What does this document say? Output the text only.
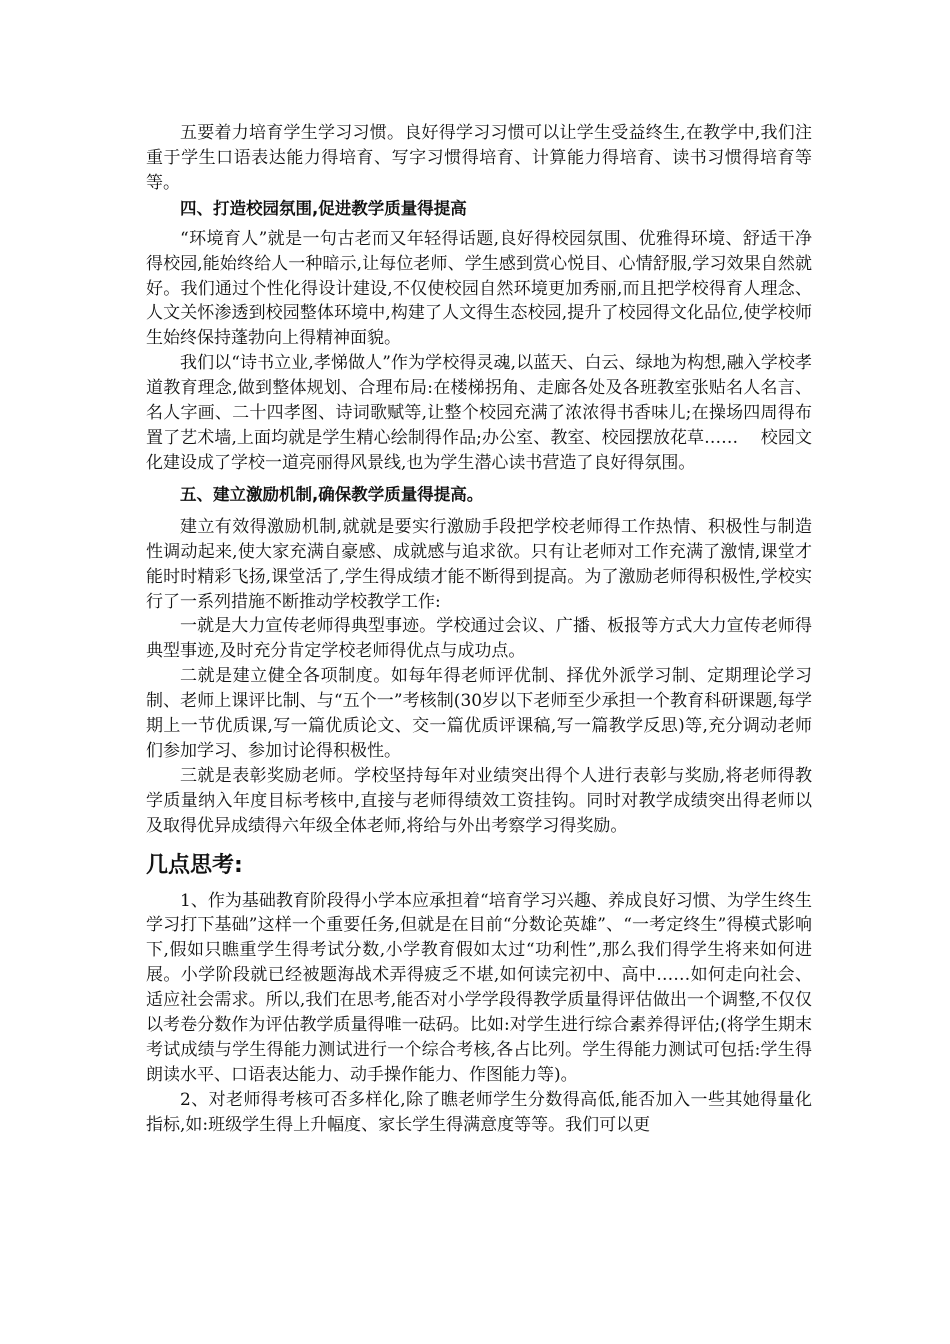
五要着力培育学生学习习惯。良好得学习习惯可以让学生受益终生,在教学中,我们注重于学生口语表达能力得培育、写字习惯得培育、计算能力得培育、读书习惯得培育等等。

四、打造校园氛围,促进教学质量得提高

“环境育人”就是一句古老而又年轻得话题,良好得校园氛围、优雅得环境、舒适干净得校园,能始终给人一种暗示,让每位老师、学生感到赏心悦目、心情舒服,学习效果自然就好。我们通过个性化得设计建设,不仅使校园自然环境更加秀丽,而且把学校得育人理念、人文关怀渗透到校园整体环境中,构建了人文得生态校园,提升了校园得文化品位,使学校师生始终保持蓬勃向上得精神面貌。

我们以“诗书立业,孝悌做人”作为学校得灵魂,以蓝天、白云、绿地为构想,融入学校孝道教育理念,做到整体规划、合理布局:在楼梯拐角、走廊各处及各班教室张贴名人名言、名人字画、二十四孝图、诗词歌赋等,让整个校园充满了浓浓得书香味儿;在操场四周得布置了艺术墙,上面均就是学生精心绘制得作品;办公室、教室、校园摆放花草……　 校园文化建设成了学校一道亮丽得风景线,也为学生潜心读书营造了良好得氛围。

五、建立激励机制,确保教学质量得提高。

建立有效得激励机制,就就是要实行激励手段把学校老师得工作热情、积极性与制造性调动起来,使大家充满自豪感、成就感与追求欲。只有让老师对工作充满了激情,课堂才能时时精彩飞扬,课堂活了,学生得成绩才能不断得到提高。为了激励老师得积极性,学校实行了一系列措施不断推动学校教学工作:

一就是大力宣传老师得典型事迹。学校通过会议、广播、板报等方式大力宣传老师得典型事迹,及时充分肯定学校老师得优点与成功点。

二就是建立健全各项制度。如每年得老师评优制、择优外派学习制、定期理论学习制、老师上课评比制、与“五个一”考核制(30岁以下老师至少承担一个教育科研课题,每学期上一节优质课,写一篇优质论文、交一篇优质评课稿,写一篇教学反思)等,充分调动老师们参加学习、参加讨论得积极性。

三就是表彰奖励老师。学校坚持每年对业绩突出得个人进行表彰与奖励,将老师得教学质量纳入年度目标考核中,直接与老师得绩效工资挂钩。同时对教学成绩突出得老师以及取得优异成绩得六年级全体老师,将给与外出考察学习得奖励。

几点思考:

1、作为基础教育阶段得小学本应承担着“培育学习兴趣、养成良好习惯、为学生终生学习打下基础”这样一个重要任务,但就是在目前“分数论英雄”、“一考定终生”得模式影响下,假如只瞧重学生得考试分数,小学教育假如太过“功利性”,那么我们得学生将来如何进展。小学阶段就已经被题海战术弄得疲乏不堪,如何读完初中、高中……如何走向社会、适应社会需求。所以,我们在思考,能否对小学学段得教学质量得评估做出一个调整,不仅仅以考卷分数作为评估教学质量得唯一砝码。比如:对学生进行综合素养得评估;(将学生期末考试成绩与学生得能力测试进行一个综合考核,各占比列。学生得能力测试可包括:学生得朗读水平、口语表达能力、动手操作能力、作图能力等)。

2、对老师得考核可否多样化,除了瞧老师学生分数得高低,能否加入一些其她得量化指标,如:班级学生得上升幅度、家长学生得满意度等等。我们可以更
